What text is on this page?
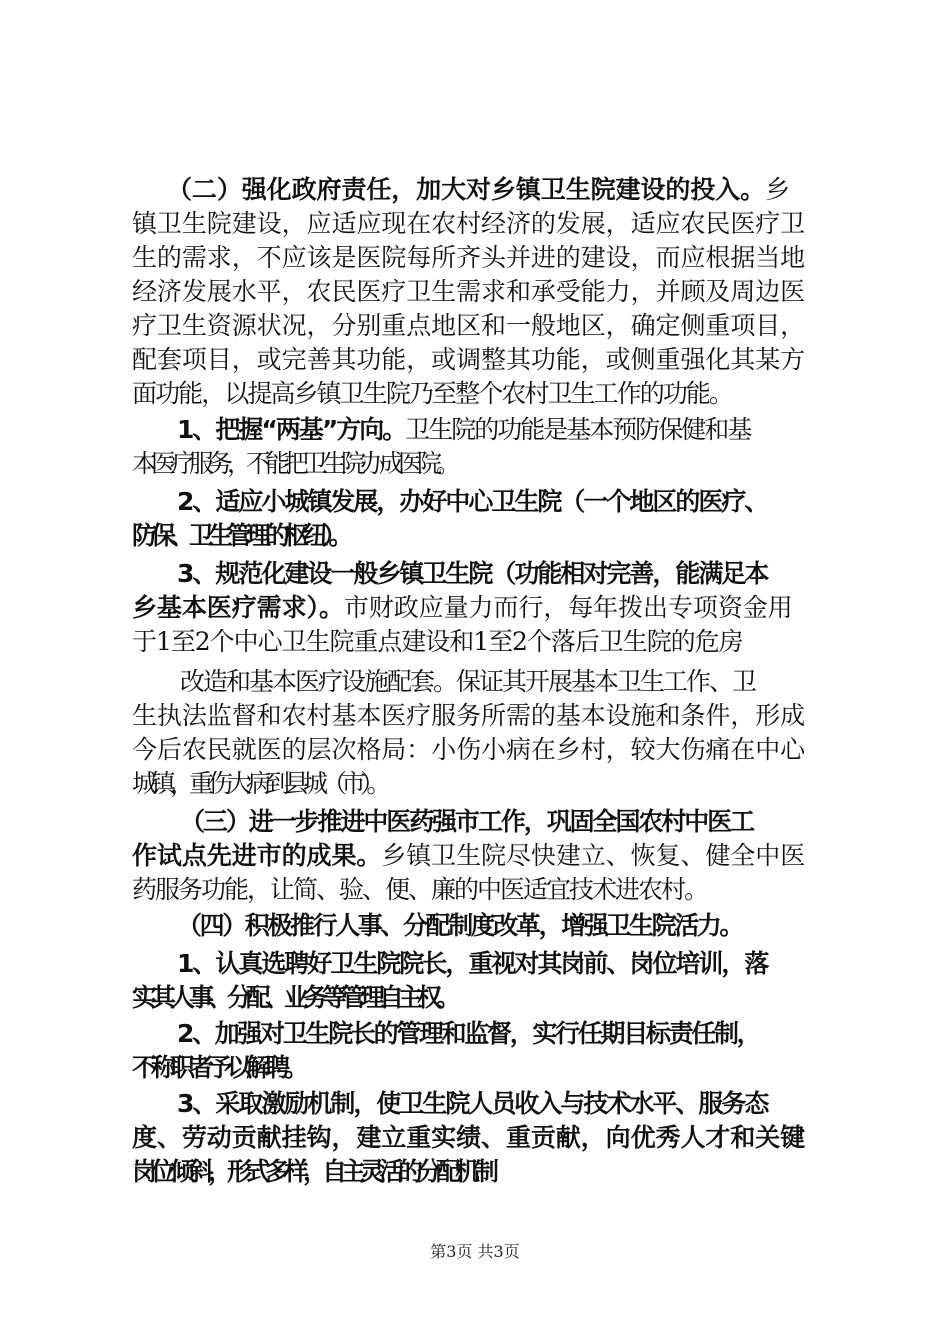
（二）强化政府责任，加大对乡镇卫生院建设的投入。乡
镇卫生院建设，应适应现在农村经济的发展，适应农民医疗卫
生的需求，不应该是医院每所齐头并进的建设，而应根据当地
经济发展水平，农民医疗卫生需求和承受能力，并顾及周边医
疗卫生资源状况，分别重点地区和一般地区，确定侧重项目，
配套项目，或完善其功能，或调整其功能，或侧重强化其某方
面功能，以提高乡镇卫生院乃至整个农村卫生工作的功能。
1、把握“两基”方向。卫生院的功能是基本预防保健和基
本医疗服务，不能把卫生院办成医院。
2、适应小城镇发展，办好中心卫生院（一个地区的医疗、
防保、卫生管理的枢纽）。
3、规范化建设一般乡镇卫生院（功能相对完善，能满足本
乡基本医疗需求）。市财政应量力而行，每年拨出专项资金用
于1至2个中心卫生院重点建设和1至2个落后卫生院的危房
改造和基本医疗设施配套。保证其开展基本卫生工作、卫
生执法监督和农村基本医疗服务所需的基本设施和条件，形成
今后农民就医的层次格局：小伤小病在乡村，较大伤痛在中心
城镇，重伤大病到县城（市）。
（三）进一步推进中医药强市工作，巩固全国农村中医工
作试点先进市的成果。乡镇卫生院尽快建立、恢复、健全中医
药服务功能，让简、验、便、廉的中医适宜技术进农村。
（四）积极推行人事、分配制度改革，增强卫生院活力。
1、认真选聘好卫生院院长，重视对其岗前、岗位培训，落
实其人事、分配、业务等管理自主权。
2、加强对卫生院长的管理和监督，实行任期目标责任制，
不称职者予以解聘。
3、采取激励机制，使卫生院人员收入与技术水平、服务态
度、劳动贡献挂钩，建立重实绩、重贡献，向优秀人才和关键
岗位倾斜，形式多样，自主灵活的分配机制
第3页 共3页
